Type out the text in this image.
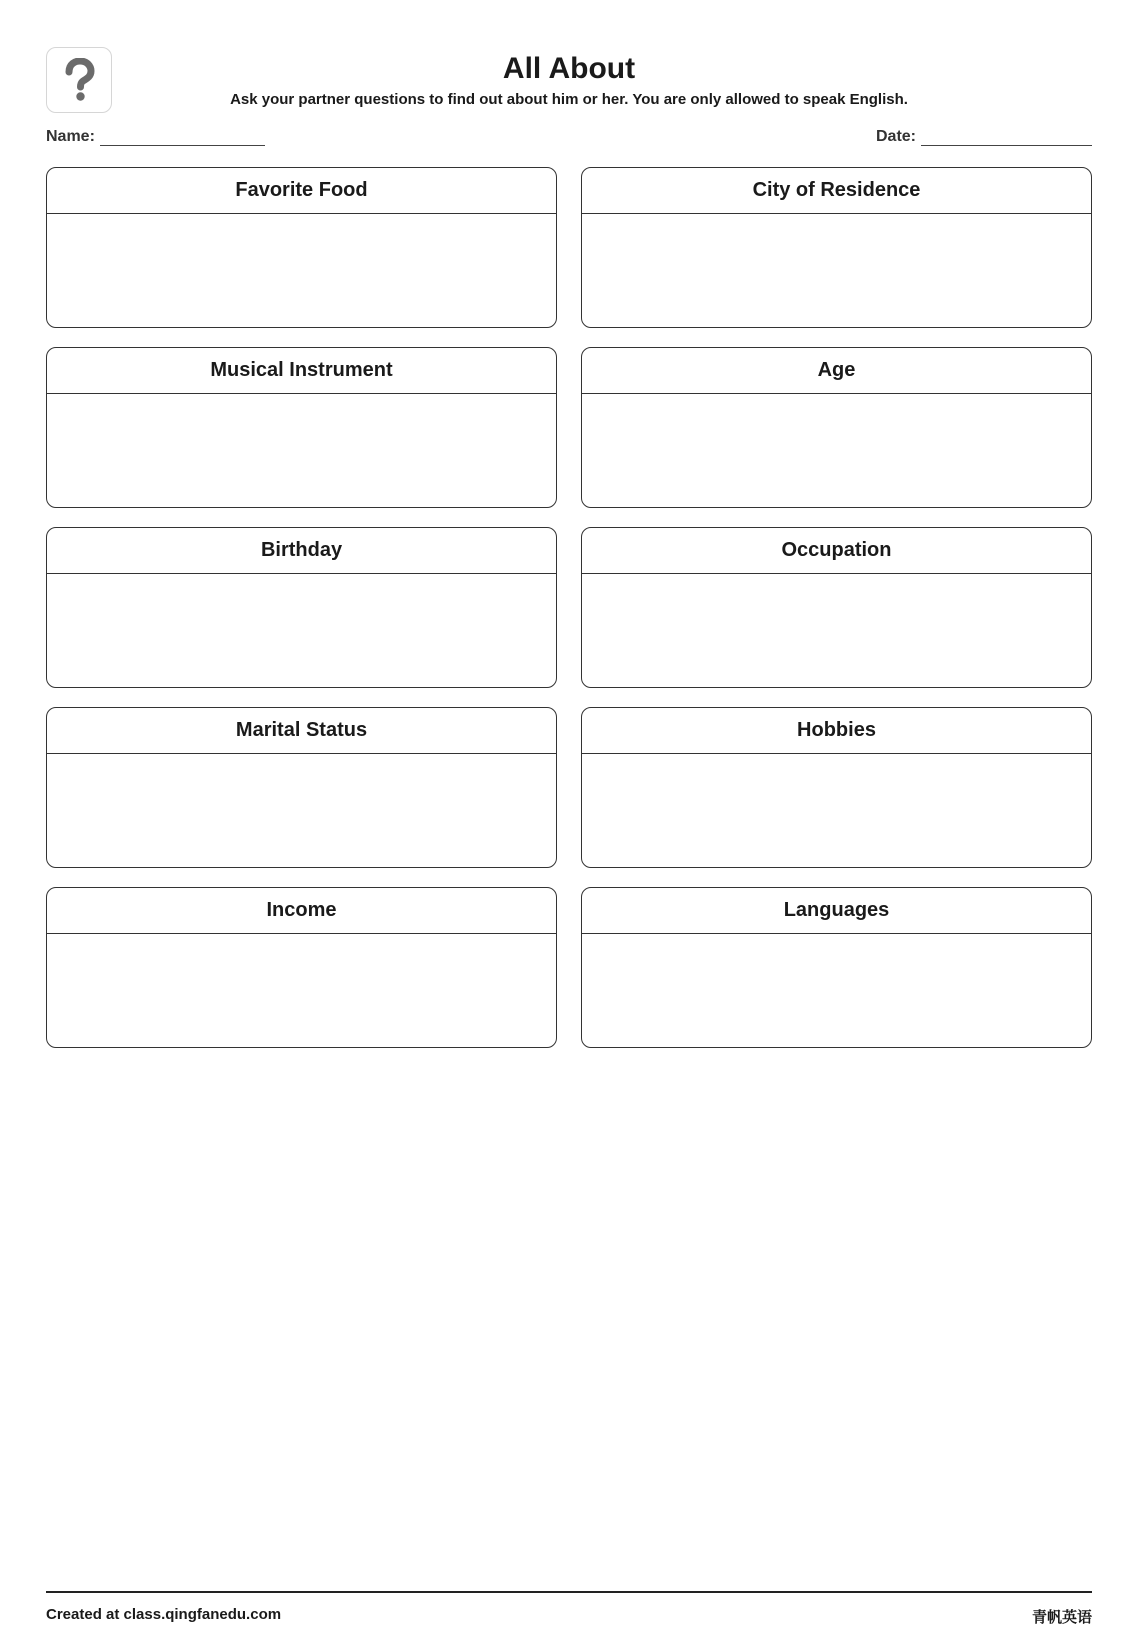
All About
Ask your partner questions to find out about him or her. You are only allowed to speak English.
Name:	Date:
Favorite Food	City of Residence
Musical Instrument	Age
Birthday	Occupation
Marital Status	Hobbies
Income	Languages
Created at class.qingfanedu.com	青帆英语
